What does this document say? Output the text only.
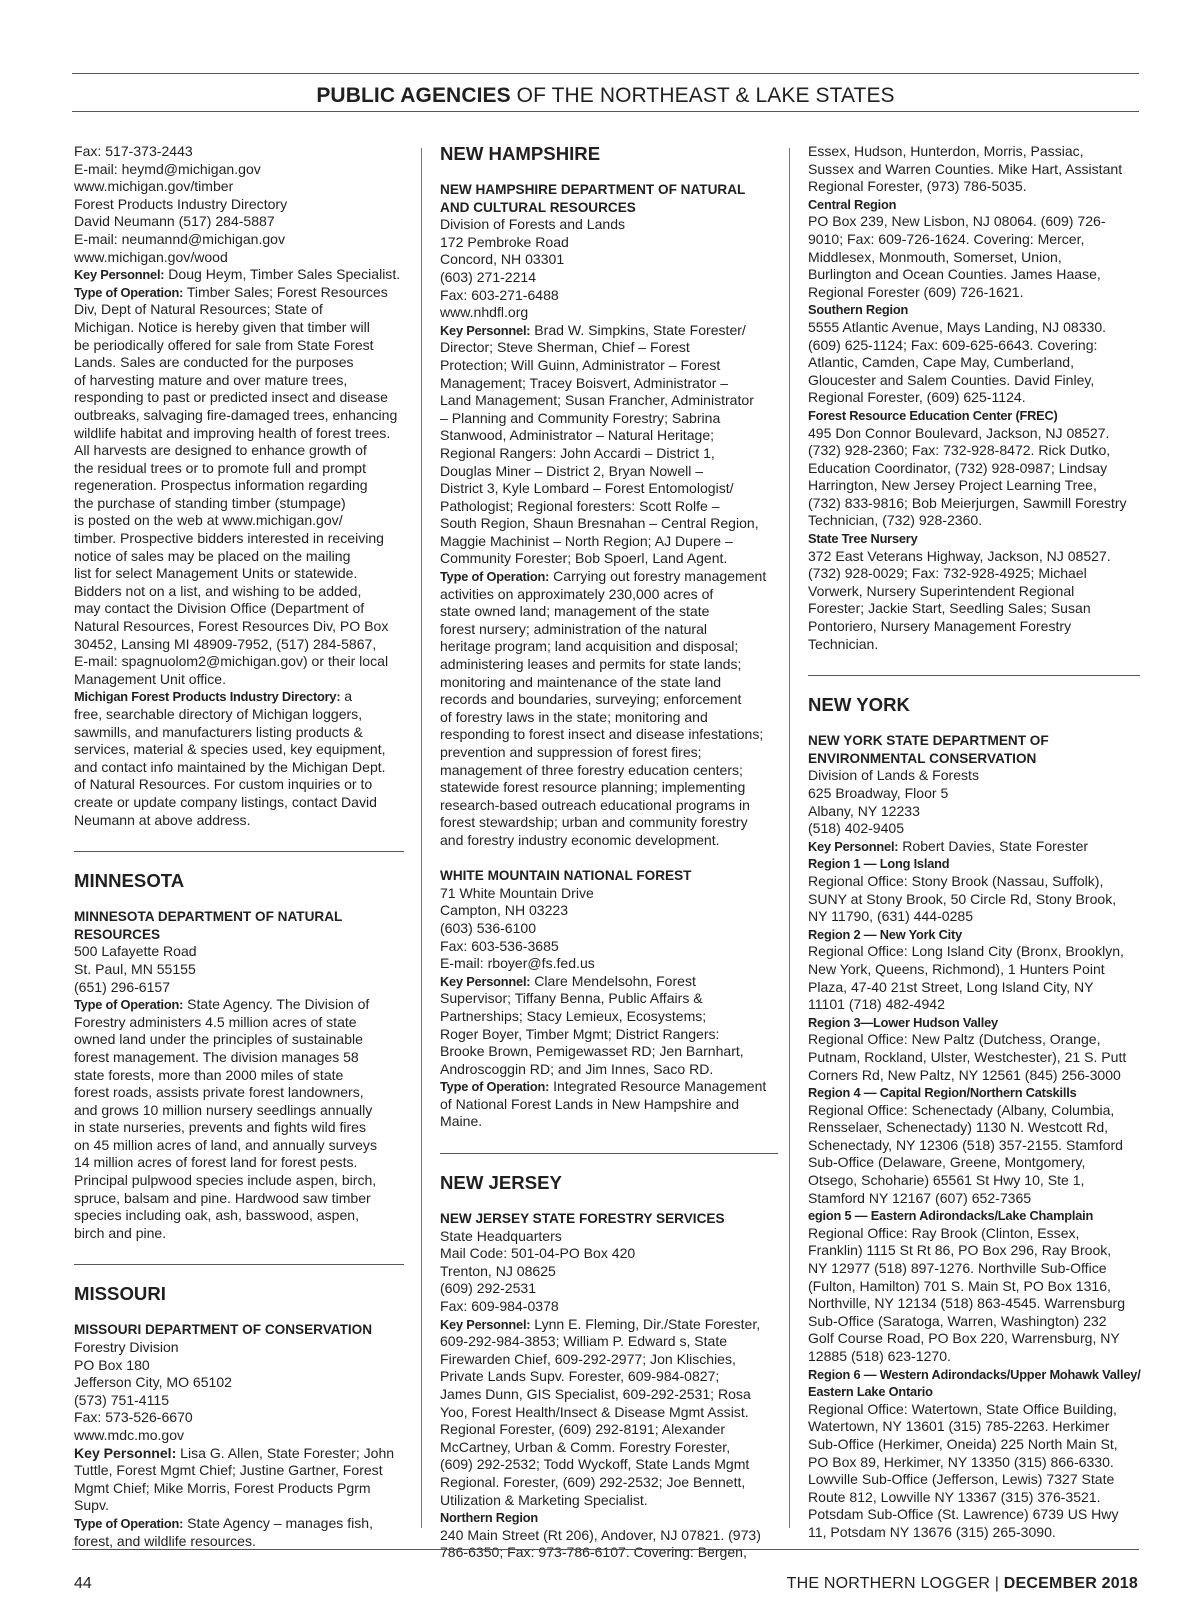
PUBLIC AGENCIES OF THE NORTHEAST & LAKE STATES
Fax: 517-373-2443
E-mail: heymd@michigan.gov
www.michigan.gov/timber
Forest Products Industry Directory
David Neumann (517) 284-5887
E-mail: neumannd@michigan.gov
www.michigan.gov/wood
Key Personnel: Doug Heym, Timber Sales Specialist.
Type of Operation: Timber Sales; Forest Resources
Div, Dept of Natural Resources; State of
Michigan. Notice is hereby given that timber will
be periodically offered for sale from State Forest
Lands. Sales are conducted for the purposes
of harvesting mature and over mature trees,
responding to past or predicted insect and disease
outbreaks, salvaging fire-damaged trees, enhancing
wildlife habitat and improving health of forest trees.
All harvests are designed to enhance growth of
the residual trees or to promote full and prompt
regeneration. Prospectus information regarding
the purchase of standing timber (stumpage)
is posted on the web at www.michigan.gov/
timber. Prospective bidders interested in receiving
notice of sales may be placed on the mailing
list for select Management Units or statewide.
Bidders not on a list, and wishing to be added,
may contact the Division Office (Department of
Natural Resources, Forest Resources Div, PO Box
30452, Lansing MI 48909-7952, (517) 284-5867,
E-mail: spagnuolom2@michigan.gov) or their local
Management Unit office.
Michigan Forest Products Industry Directory: a
free, searchable directory of Michigan loggers,
sawmills, and manufacturers listing products &
services, material & species used, key equipment,
and contact info maintained by the Michigan Dept.
of Natural Resources. For custom inquiries or to
create or update company listings, contact David
Neumann at above address.
MINNESOTA
MINNESOTA DEPARTMENT OF NATURAL
RESOURCES
500 Lafayette Road
St. Paul, MN 55155
(651) 296-6157
Type of Operation: State Agency. The Division of
Forestry administers 4.5 million acres of state
owned land under the principles of sustainable
forest management. The division manages 58
state forests, more than 2000 miles of state
forest roads, assists private forest landowners,
and grows 10 million nursery seedlings annually
in state nurseries, prevents and fights wild fires
on 45 million acres of land, and annually surveys
14 million acres of forest land for forest pests.
Principal pulpwood species include aspen, birch,
spruce, balsam and pine. Hardwood saw timber
species including oak, ash, basswood, aspen,
birch and pine.
MISSOURI
MISSOURI DEPARTMENT OF CONSERVATION
Forestry Division
PO Box 180
Jefferson City, MO 65102
(573) 751-4115
Fax: 573-526-6670
www.mdc.mo.gov
Key Personnel: Lisa G. Allen, State Forester; John
Tuttle, Forest Mgmt Chief; Justine Gartner, Forest
Mgmt Chief; Mike Morris, Forest Products Pgrm
Supv.
Type of Operation: State Agency – manages fish,
forest, and wildlife resources.
NEW HAMPSHIRE
NEW HAMPSHIRE DEPARTMENT OF NATURAL
AND CULTURAL RESOURCES
Division of Forests and Lands
172 Pembroke Road
Concord, NH 03301
(603) 271-2214
Fax: 603-271-6488
www.nhdfl.org
Key Personnel: Brad W. Simpkins, State Forester/
Director; Steve Sherman, Chief – Forest
Protection; Will Guinn, Administrator – Forest
Management; Tracey Boisvert, Administrator –
Land Management; Susan Francher, Administrator
– Planning and Community Forestry; Sabrina
Stanwood, Administrator – Natural Heritage;
Regional Rangers: John Accardi – District 1,
Douglas Miner – District 2, Bryan Nowell –
District 3, Kyle Lombard – Forest Entomologist/
Pathologist; Regional foresters: Scott Rolfe –
South Region, Shaun Bresnahan – Central Region,
Maggie Machinist – North Region; AJ Dupere –
Community Forester; Bob Spoerl, Land Agent.
Type of Operation: Carrying out forestry management
activities on approximately 230,000 acres of
state owned land; management of the state
forest nursery; administration of the natural
heritage program; land acquisition and disposal;
administering leases and permits for state lands;
monitoring and maintenance of the state land
records and boundaries, surveying; enforcement
of forestry laws in the state; monitoring and
responding to forest insect and disease infestations;
prevention and suppression of forest fires;
management of three forestry education centers;
statewide forest resource planning; implementing
research-based outreach educational programs in
forest stewardship; urban and community forestry
and forestry industry economic development.
WHITE MOUNTAIN NATIONAL FOREST
71 White Mountain Drive
Campton, NH 03223
(603) 536-6100
Fax: 603-536-3685
E-mail: rboyer@fs.fed.us
Key Personnel: Clare Mendelsohn, Forest
Supervisor; Tiffany Benna, Public Affairs &
Partnerships; Stacy Lemieux, Ecosystems;
Roger Boyer, Timber Mgmt; District Rangers:
Brooke Brown, Pemigewasset RD; Jen Barnhart,
Androscoggin RD; and Jim Innes, Saco RD.
Type of Operation: Integrated Resource Management
of National Forest Lands in New Hampshire and
Maine.
NEW JERSEY
NEW JERSEY STATE FORESTRY SERVICES
State Headquarters
Mail Code: 501-04-PO Box 420
Trenton, NJ 08625
(609) 292-2531
Fax: 609-984-0378
Key Personnel: Lynn E. Fleming, Dir./State Forester,
609-292-984-3853; William P. Edward s, State
Firewarden Chief, 609-292-2977; Jon Klischies,
Private Lands Supv. Forester, 609-984-0827;
James Dunn, GIS Specialist, 609-292-2531; Rosa
Yoo, Forest Health/Insect & Disease Mgmt Assist.
Regional Forester, (609) 292-8191; Alexander
McCartney, Urban & Comm. Forestry Forester,
(609) 292-2532; Todd Wyckoff, State Lands Mgmt
Regional. Forester, (609) 292-2532; Joe Bennett,
Utilization & Marketing Specialist.
Northern Region
240 Main Street (Rt 206), Andover, NJ 07821. (973)
786-6350; Fax: 973-786-6107. Covering: Bergen,
Essex, Hudson, Hunterdon, Morris, Passiac,
Sussex and Warren Counties. Mike Hart, Assistant
Regional Forester, (973) 786-5035.
Central Region
PO Box 239, New Lisbon, NJ 08064. (609) 726-
9010; Fax: 609-726-1624. Covering: Mercer,
Middlesex, Monmouth, Somerset, Union,
Burlington and Ocean Counties. James Haase,
Regional Forester (609) 726-1621.
Southern Region
5555 Atlantic Avenue, Mays Landing, NJ 08330.
(609) 625-1124; Fax: 609-625-6643. Covering:
Atlantic, Camden, Cape May, Cumberland,
Gloucester and Salem Counties. David Finley,
Regional Forester, (609) 625-1124.
Forest Resource Education Center (FREC)
495 Don Connor Boulevard, Jackson, NJ 08527.
(732) 928-2360; Fax: 732-928-8472. Rick Dutko,
Education Coordinator, (732) 928-0987; Lindsay
Harrington, New Jersey Project Learning Tree,
(732) 833-9816; Bob Meierjurgen, Sawmill Forestry
Technician, (732) 928-2360.
State Tree Nursery
372 East Veterans Highway, Jackson, NJ 08527.
(732) 928-0029; Fax: 732-928-4925; Michael
Vorwerk, Nursery Superintendent Regional
Forester; Jackie Start, Seedling Sales; Susan
Pontoriero, Nursery Management Forestry
Technician.
NEW YORK
NEW YORK STATE DEPARTMENT OF
ENVIRONMENTAL CONSERVATION
Division of Lands & Forests
625 Broadway, Floor 5
Albany, NY 12233
(518) 402-9405
Key Personnel: Robert Davies, State Forester
Region 1 — Long Island
Regional Office: Stony Brook (Nassau, Suffolk),
SUNY at Stony Brook, 50 Circle Rd, Stony Brook,
NY 11790, (631) 444-0285
Region 2 — New York City
Regional Office: Long Island City (Bronx, Brooklyn,
New York, Queens, Richmond), 1 Hunters Point
Plaza, 47-40 21st Street, Long Island City, NY
11101 (718) 482-4942
Region 3—Lower Hudson Valley
Regional Office: New Paltz (Dutchess, Orange,
Putnam, Rockland, Ulster, Westchester), 21 S. Putt
Corners Rd, New Paltz, NY 12561 (845) 256-3000
Region 4 — Capital Region/Northern Catskills
Regional Office: Schenectady (Albany, Columbia,
Rensselaer, Schenectady) 1130 N. Westcott Rd,
Schenectady, NY 12306 (518) 357-2155. Stamford
Sub-Office (Delaware, Greene, Montgomery,
Otsego, Schoharie) 65561 St Hwy 10, Ste 1,
Stamford NY 12167 (607) 652-7365
egion 5 — Eastern Adirondacks/Lake Champlain
Regional Office: Ray Brook (Clinton, Essex,
Franklin) 1115 St Rt 86, PO Box 296, Ray Brook,
NY 12977 (518) 897-1276. Northville Sub-Office
(Fulton, Hamilton) 701 S. Main St, PO Box 1316,
Northville, NY 12134 (518) 863-4545. Warrensburg
Sub-Office (Saratoga, Warren, Washington) 232
Golf Course Road, PO Box 220, Warrensburg, NY
12885 (518) 623-1270.
Region 6 — Western Adirondacks/Upper Mohawk Valley/
Eastern Lake Ontario
Regional Office: Watertown, State Office Building,
Watertown, NY 13601 (315) 785-2263. Herkimer
Sub-Office (Herkimer, Oneida) 225 North Main St,
PO Box 89, Herkimer, NY 13350 (315) 866-6330.
Lowville Sub-Office (Jefferson, Lewis) 7327 State
Route 812, Lowville NY 13367 (315) 376-3521.
Potsdam Sub-Office (St. Lawrence) 6739 US Hwy
11, Potsdam NY 13676 (315) 265-3090.
44	THE NORTHERN LOGGER | DECEMBER 2018
